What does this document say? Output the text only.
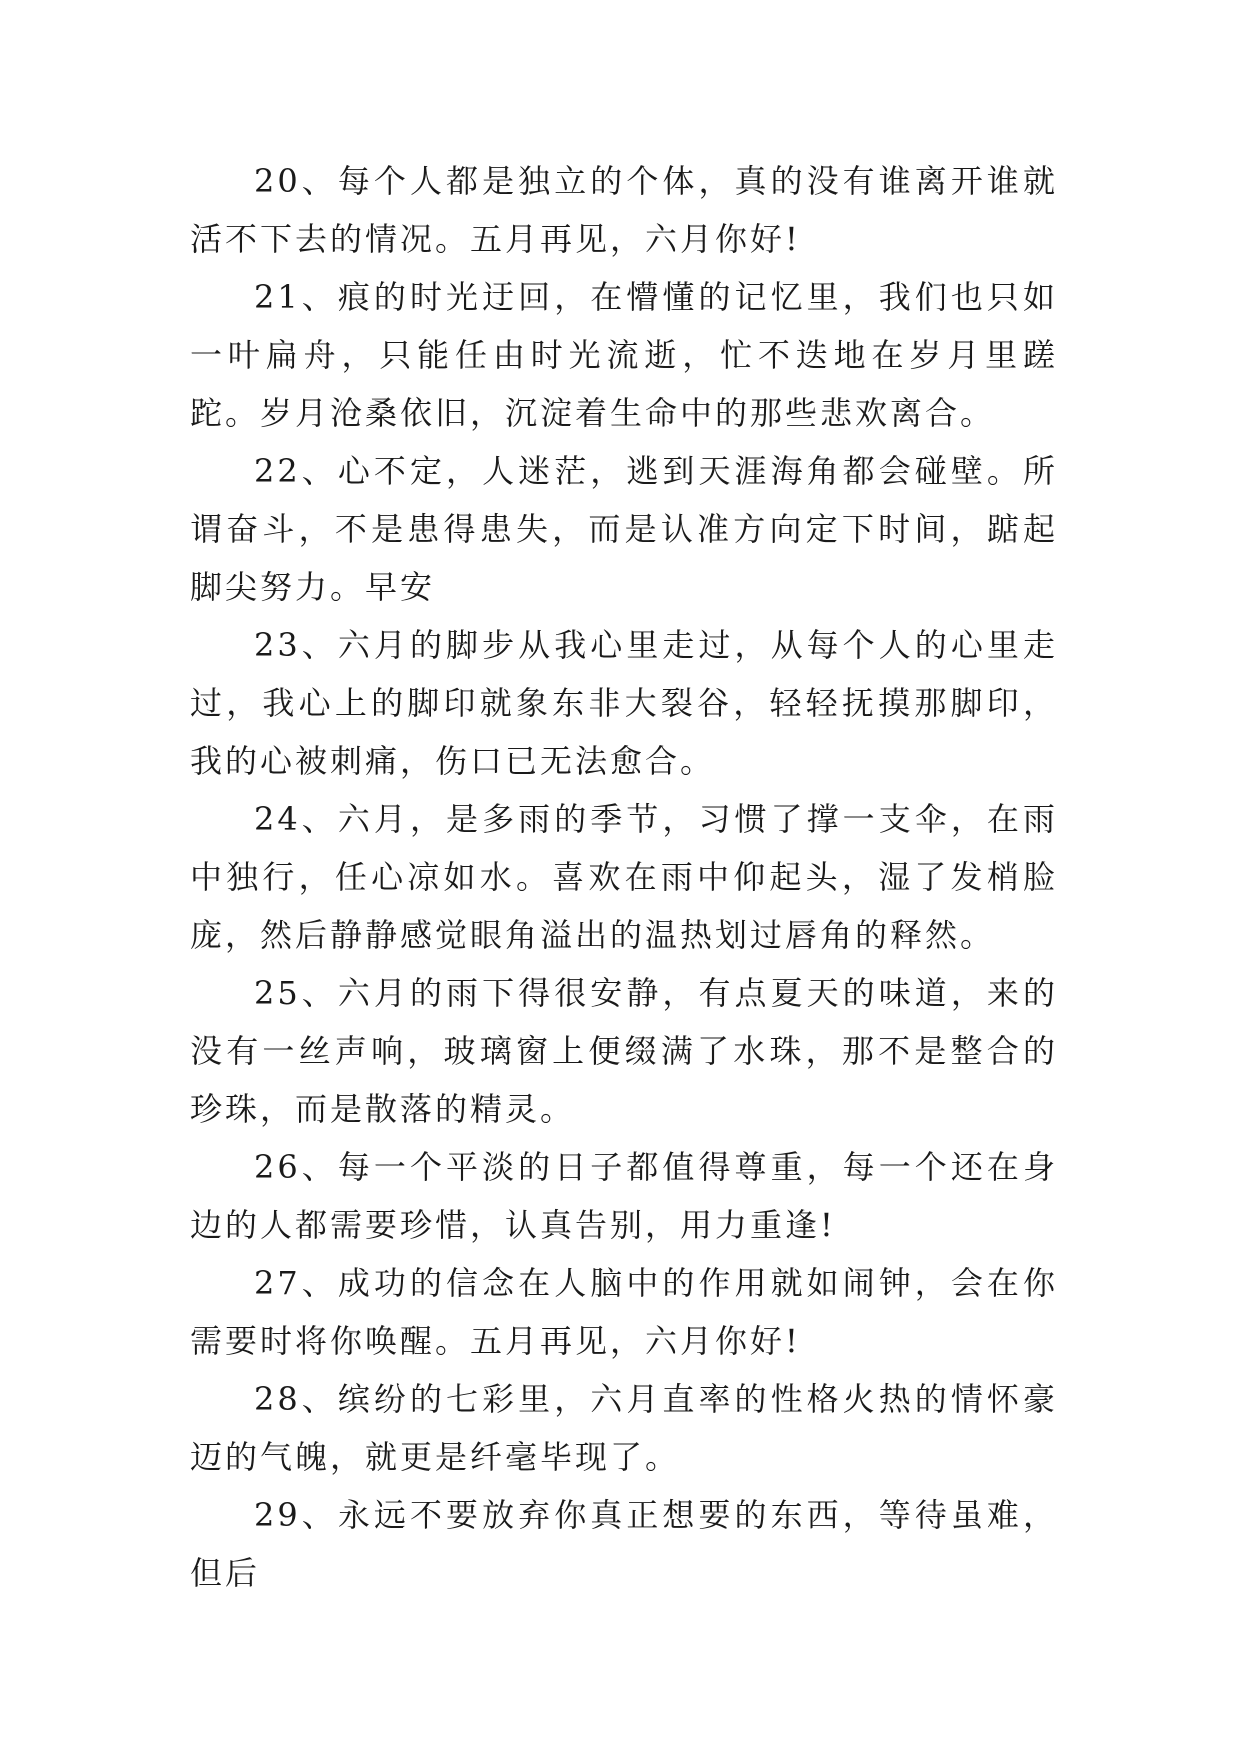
20、每个人都是独立的个体，真的没有谁离开谁就活不下去的情况。五月再见，六月你好!

21、痕的时光迂回，在懵懂的记忆里，我们也只如一叶扁舟，只能任由时光流逝，忙不迭地在岁月里蹉跎。岁月沧桑依旧，沉淀着生命中的那些悲欢离合。

22、心不定，人迷茫，逃到天涯海角都会碰壁。所谓奋斗，不是患得患失，而是认准方向定下时间，踮起脚尖努力。早安

23、六月的脚步从我心里走过，从每个人的心里走过，我心上的脚印就象东非大裂谷，轻轻抚摸那脚印，我的心被刺痛，伤口已无法愈合。

24、六月，是多雨的季节，习惯了撑一支伞，在雨中独行，任心凉如水。喜欢在雨中仰起头，湿了发梢脸庞，然后静静感觉眼角溢出的温热划过唇角的释然。

25、六月的雨下得很安静，有点夏天的味道，来的没有一丝声响，玻璃窗上便缀满了水珠，那不是整合的珍珠，而是散落的精灵。

26、每一个平淡的日子都值得尊重，每一个还在身边的人都需要珍惜，认真告别，用力重逢!

27、成功的信念在人脑中的作用就如闹钟，会在你需要时将你唤醒。五月再见，六月你好!

28、缤纷的七彩里，六月直率的性格火热的情怀豪迈的气魄，就更是纤毫毕现了。

29、永远不要放弃你真正想要的东西，等待虽难，但后
